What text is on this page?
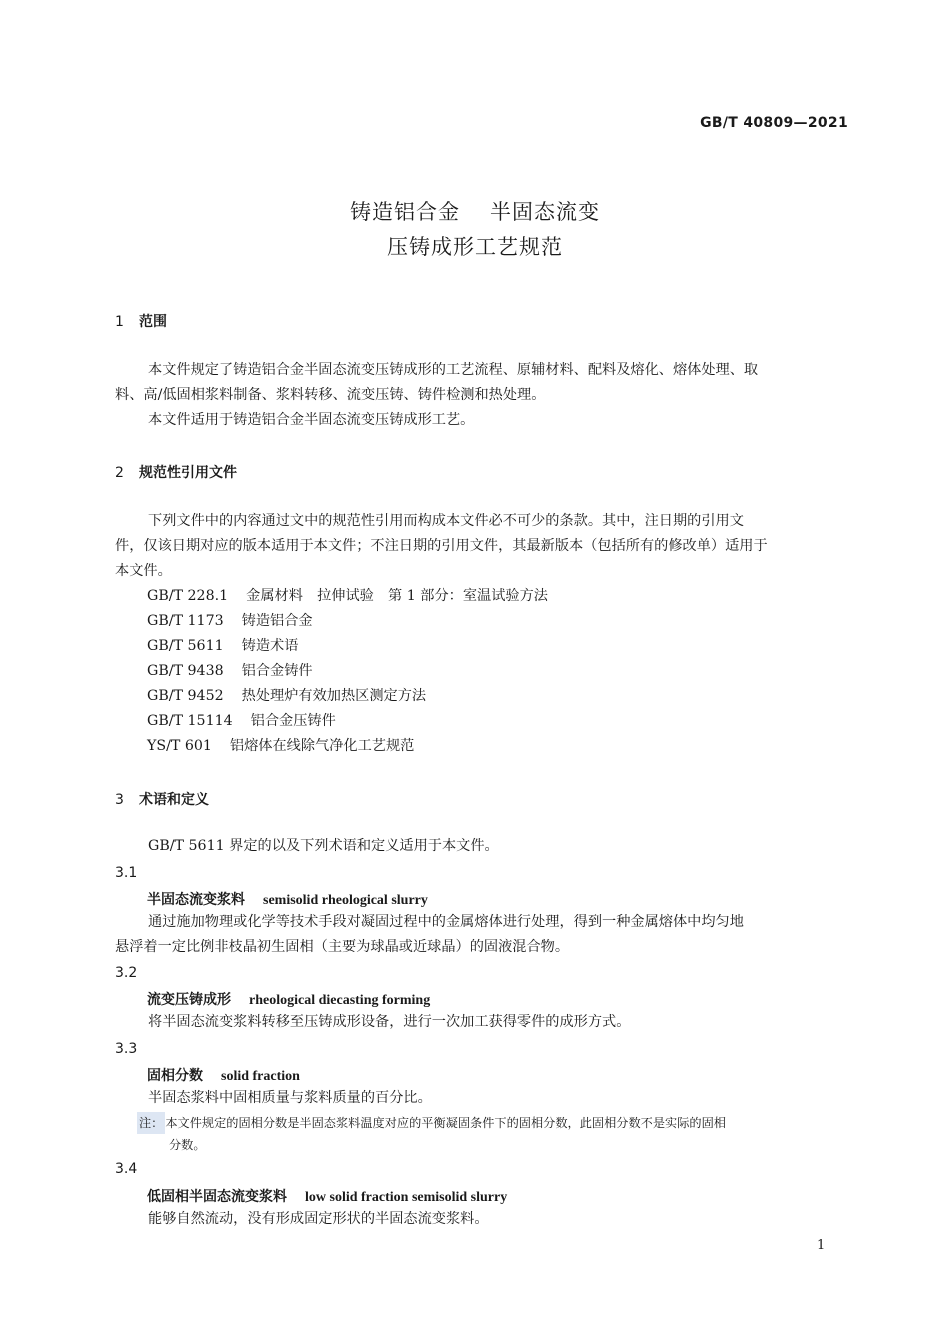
GB/T 40809—2021
铸造铝合金 半固态流变
压铸成形工艺规范
1 范围
本文件规定了铸造铝合金半固态流变压铸成形的工艺流程、原辅材料、配料及熔化、熔体处理、取
料、高/低固相浆料制备、浆料转移、流变压铸、铸件检测和热处理。
本文件适用于铸造铝合金半固态流变压铸成形工艺。
2 规范性引用文件
下列文件中的内容通过文中的规范性引用而构成本文件必不可少的条款。其中，注日期的引用文
件，仅该日期对应的版本适用于本文件；不注日期的引用文件，其最新版本（包括所有的修改单）适用于
本文件。
GB/T 228.1 金属材料　拉伸试验　第 1 部分：室温试验方法
GB/T 1173 铸造铝合金
GB/T 5611 铸造术语
GB/T 9438 铝合金铸件
GB/T 9452 热处理炉有效加热区测定方法
GB/T 15114 铝合金压铸件
YS/T 601 铝熔体在线除气净化工艺规范
3 术语和定义
GB/T 5611 界定的以及下列术语和定义适用于本文件。
3.1
半固态流变浆料 semisolid rheological slurry
通过施加物理或化学等技术手段对凝固过程中的金属熔体进行处理，得到一种金属熔体中均匀地
悬浮着一定比例非枝晶初生固相（主要为球晶或近球晶）的固液混合物。
3.2
流变压铸成形 rheological diecasting forming
将半固态流变浆料转移至压铸成形设备，进行一次加工获得零件的成形方式。
3.3
固相分数 solid fraction
半固态浆料中固相质量与浆料质量的百分比。
注： 本文件规定的固相分数是半固态浆料温度对应的平衡凝固条件下的固相分数，此固相分数不是实际的固相
分数。
3.4
低固相半固态流变浆料 low solid fraction semisolid slurry
能够自然流动，没有形成固定形状的半固态流变浆料。
1
